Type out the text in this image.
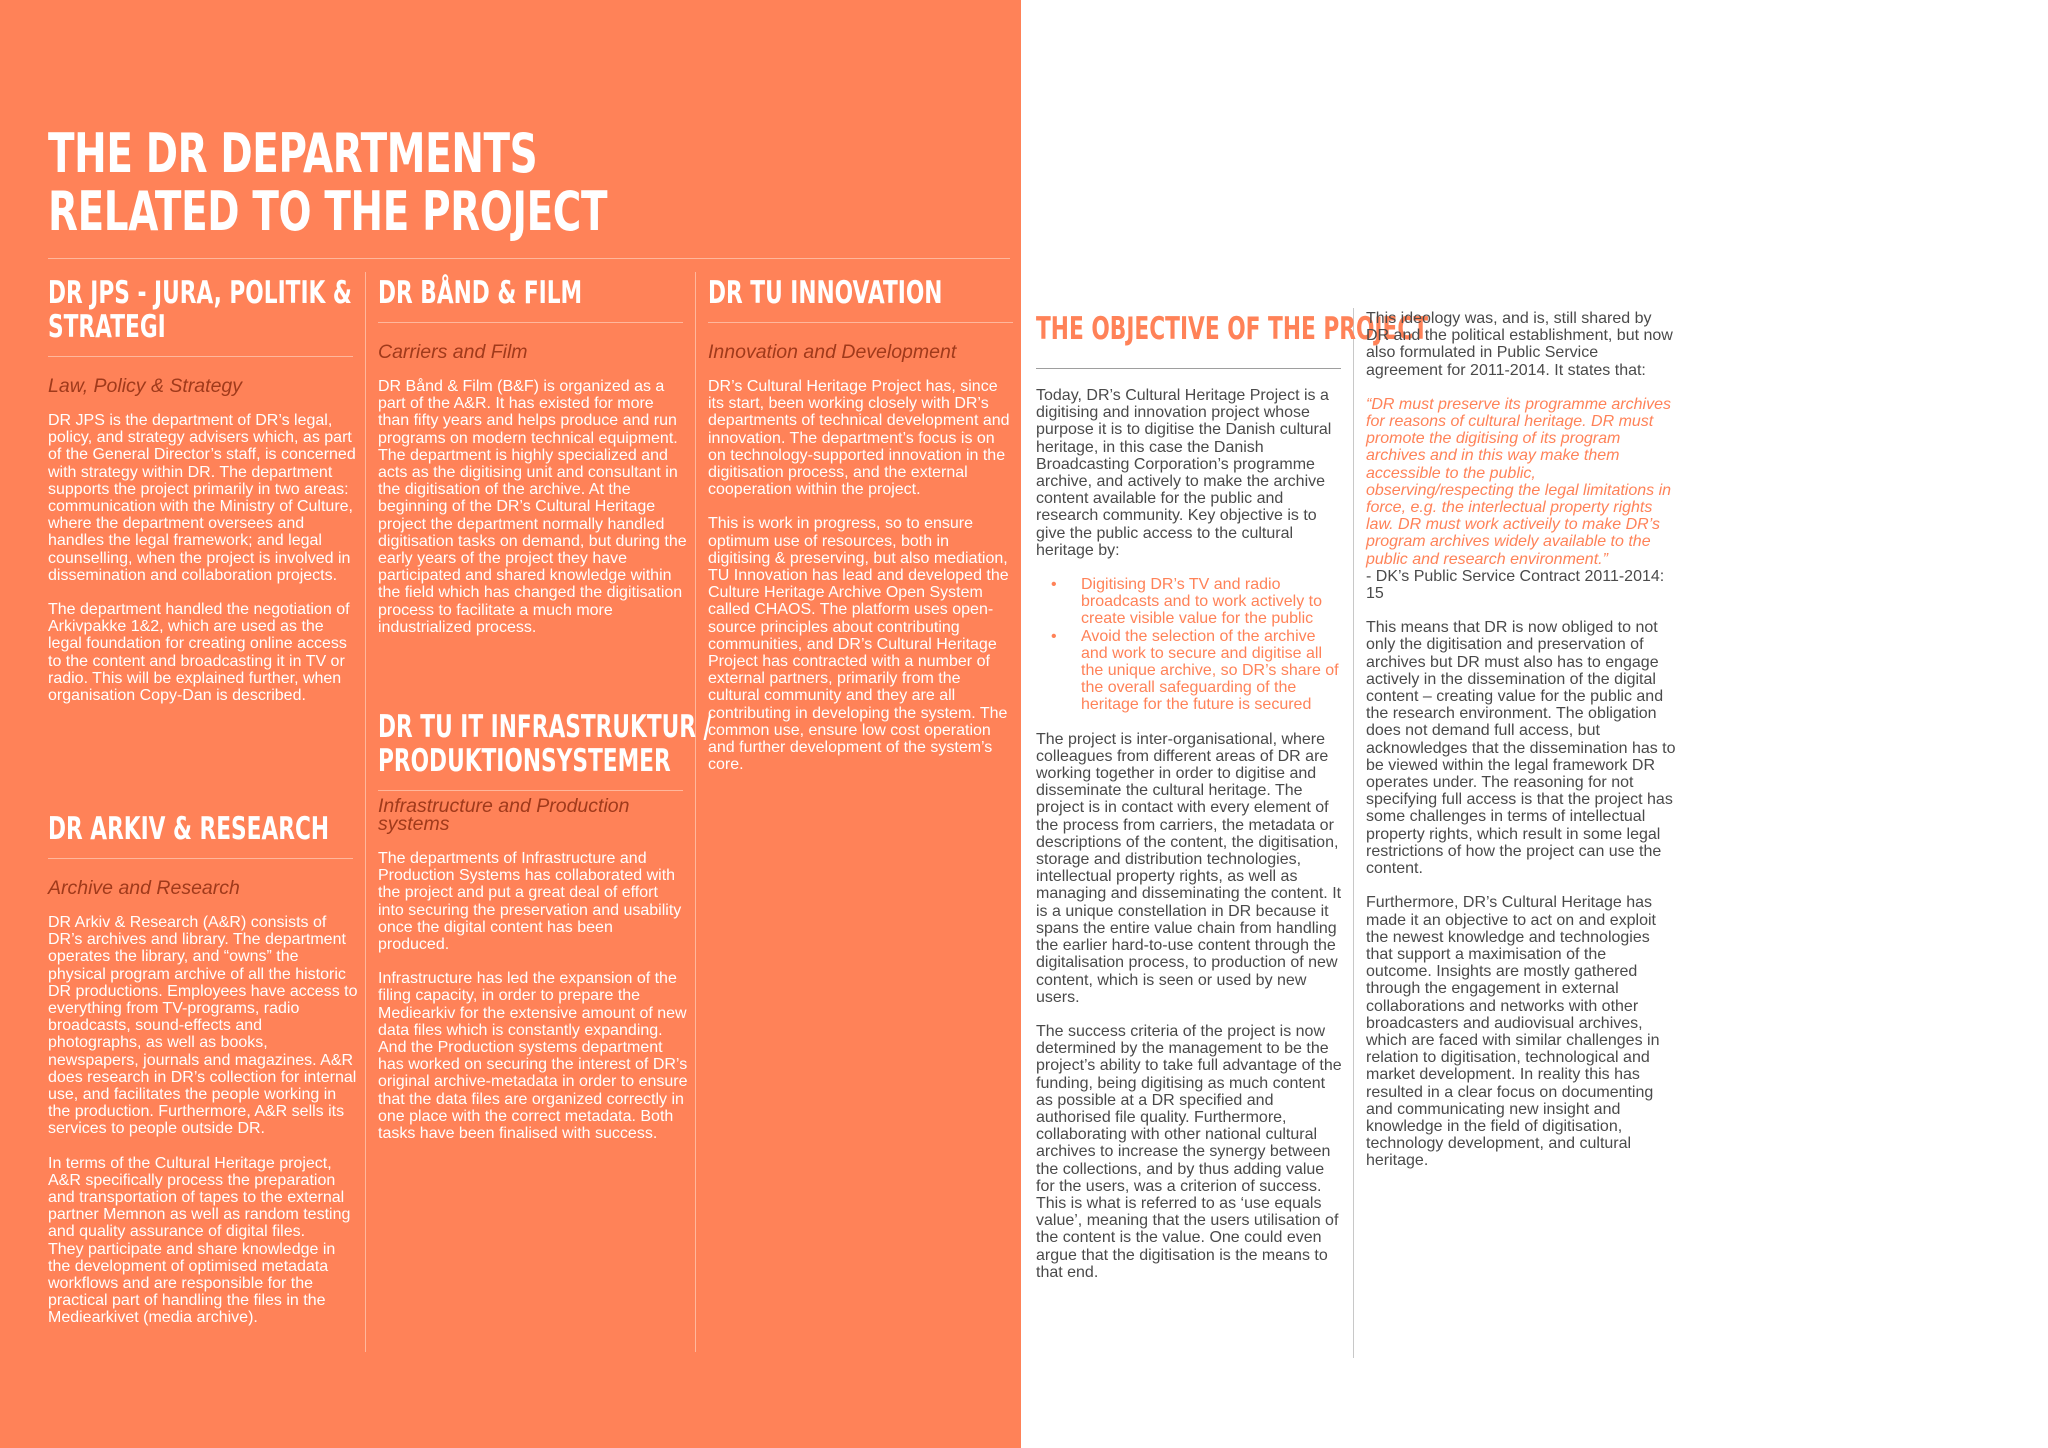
THE DR DEPARTMENTS RELATED TO THE PROJECT
DR JPS - JURA, POLITIK &
STRATEGI

Law, Policy & Strategy

DR JPS is the department of DR’s legal, policy, and strategy advisers which, as part of the General Director’s staff, is concerned with strategy within DR. The department supports the project primarily in two areas: communication with the Ministry of Culture, where the department oversees and handles the legal framework; and legal counselling, when the project is involved in dissemination and collaboration projects.

The department handled the negotiation of Arkivpakke 1&2, which are used as the legal foundation for creating online access to the content and broadcasting it in TV or radio. This will be explained further, when organisation Copy-Dan is described.

DR ARKIV & RESEARCH

Archive and Research

DR Arkiv & Research (A&R) consists of DR’s archives and library. The department operates the library, and “owns” the physical program archive of all the historic DR productions. Employees have access to everything from TV-programs, radio broadcasts, sound-effects and photographs, as well as books, newspapers, journals and magazines. A&R does research in DR’s collection for internal use, and facilitates the people working in the production. Furthermore, A&R sells its services to people outside DR.

In terms of the Cultural Heritage project, A&R specifically process the preparation and transportation of tapes to the external partner Memnon as well as random testing and quality assurance of digital files.

They participate and share knowledge in the development of optimised metadata workflows and are responsible for the practical part of handling the files in the Mediearkivet (media archive).

DR BÅND & FILM

Carriers and Film

DR Bånd & Film (B&F) is organized as a part of the A&R. It has existed for more than fifty years and helps produce and run programs on modern technical equipment. The department is highly specialized and acts as the digitising unit and consultant in the digitisation of the archive. At the beginning of the DR’s Cultural Heritage project the department normally handled digitisation tasks on demand, but during the early years of the project they have participated and shared knowledge within the field which has changed the digitisation process to facilitate a much more industrialized process.

DR TU IT INFRASTRUKTUR /
PRODUKTIONSYSTEMER

Infrastructure and Production systems

The departments of Infrastructure and Production Systems has collaborated with the project and put a great deal of effort into securing the preservation and usability once the digital content has been produced.

Infrastructure has led the expansion of the filing capacity, in order to prepare the Mediearkiv for the extensive amount of new data files which is constantly expanding. And the Production systems department has worked on securing the interest of DR’s original archive-metadata in order to ensure that the data files are organized correctly in one place with the correct metadata. Both tasks have been finalised with success.

DR TU INNOVATION

Innovation and Development

DR’s Cultural Heritage Project has, since its start, been working closely with DR’s departments of technical development and innovation. The department’s focus is on on technology-supported innovation in the digitisation process, and the external cooperation within the project.

This is work in progress, so to ensure optimum use of resources, both in digitising & preserving, but also mediation, TU Innovation has lead and developed the Culture Heritage Archive Open System called CHAOS. The platform uses open-source principles about contributing communities, and DR’s Cultural Heritage Project has contracted with a number of external partners, primarily from the cultural community and they are all contributing in developing the system. The common use, ensure low cost operation and further development of the system’s core.

THE OBJECTIVE OF THE PROJECT

Today, DR’s Cultural Heritage Project is a digitising and innovation project whose purpose it is to digitise the Danish cultural heritage, in this case the Danish Broadcasting Corporation’s programme archive, and actively to make the archive content available for the public and research community. Key objective is to give the public access to the cultural heritage by:

• Digitising DR’s TV and radio broadcasts and to work actively to create visible value for the public
• Avoid the selection of the archive and work to secure and digitise all the unique archive, so DR’s share of the overall safeguarding of the heritage for the future is secured

The project is inter-organisational, where colleagues from different areas of DR are working together in order to digitise and disseminate the cultural heritage. The project is in contact with every element of the process from carriers, the metadata or descriptions of the content, the digitisation, storage and distribution technologies, intellectual property rights, as well as managing and disseminating the content. It is a unique constellation in DR because it spans the entire value chain from handling the earlier hard-to-use content through the digitalisation process, to production of new content, which is seen or used by new users.

The success criteria of the project is now determined by the management to be the project’s ability to take full advantage of the funding, being digitising as much content as possible at a DR specified and authorised file quality. Furthermore, collaborating with other national cultural archives to increase the synergy between the collections, and by thus adding value for the users, was a criterion of success. This is what is referred to as ‘use equals value’, meaning that the users utilisation of the content is the value. One could even argue that the digitisation is the means to that end.

This ideology was, and is, still shared by DR and the political establishment, but now also formulated in Public Service agreement for 2011-2014. It states that:

“DR must preserve its programme archives for reasons of cultural heritage. DR must promote the digitising of its program archives and in this way make them accessible to the public, observing/respecting the legal limitations in force, e.g. the interlectual property rights law. DR must work activeily to make DR’s program archives widely available to the public and research environment.”

- DK’s Public Service Contract 2011-2014: 15

This means that DR is now obliged to not only the digitisation and preservation of archives but DR must also has to engage actively in the dissemination of the digital content – creating value for the public and the research environment. The obligation does not demand full access, but acknowledges that the dissemination has to be viewed within the legal framework DR operates under. The reasoning for not specifying full access is that the project has some challenges in terms of intellectual property rights, which result in some legal restrictions of how the project can use the content.

Furthermore, DR’s Cultural Heritage has made it an objective to act on and exploit the newest knowledge and technologies that support a maximisation of the outcome. Insights are mostly gathered through the engagement in external collaborations and networks with other broadcasters and audiovisual archives, which are faced with similar challenges in relation to digitisation, technological and market development. In reality this has resulted in a clear focus on documenting and communicating new insight and knowledge in the field of digitisation, technology development, and cultural heritage.
